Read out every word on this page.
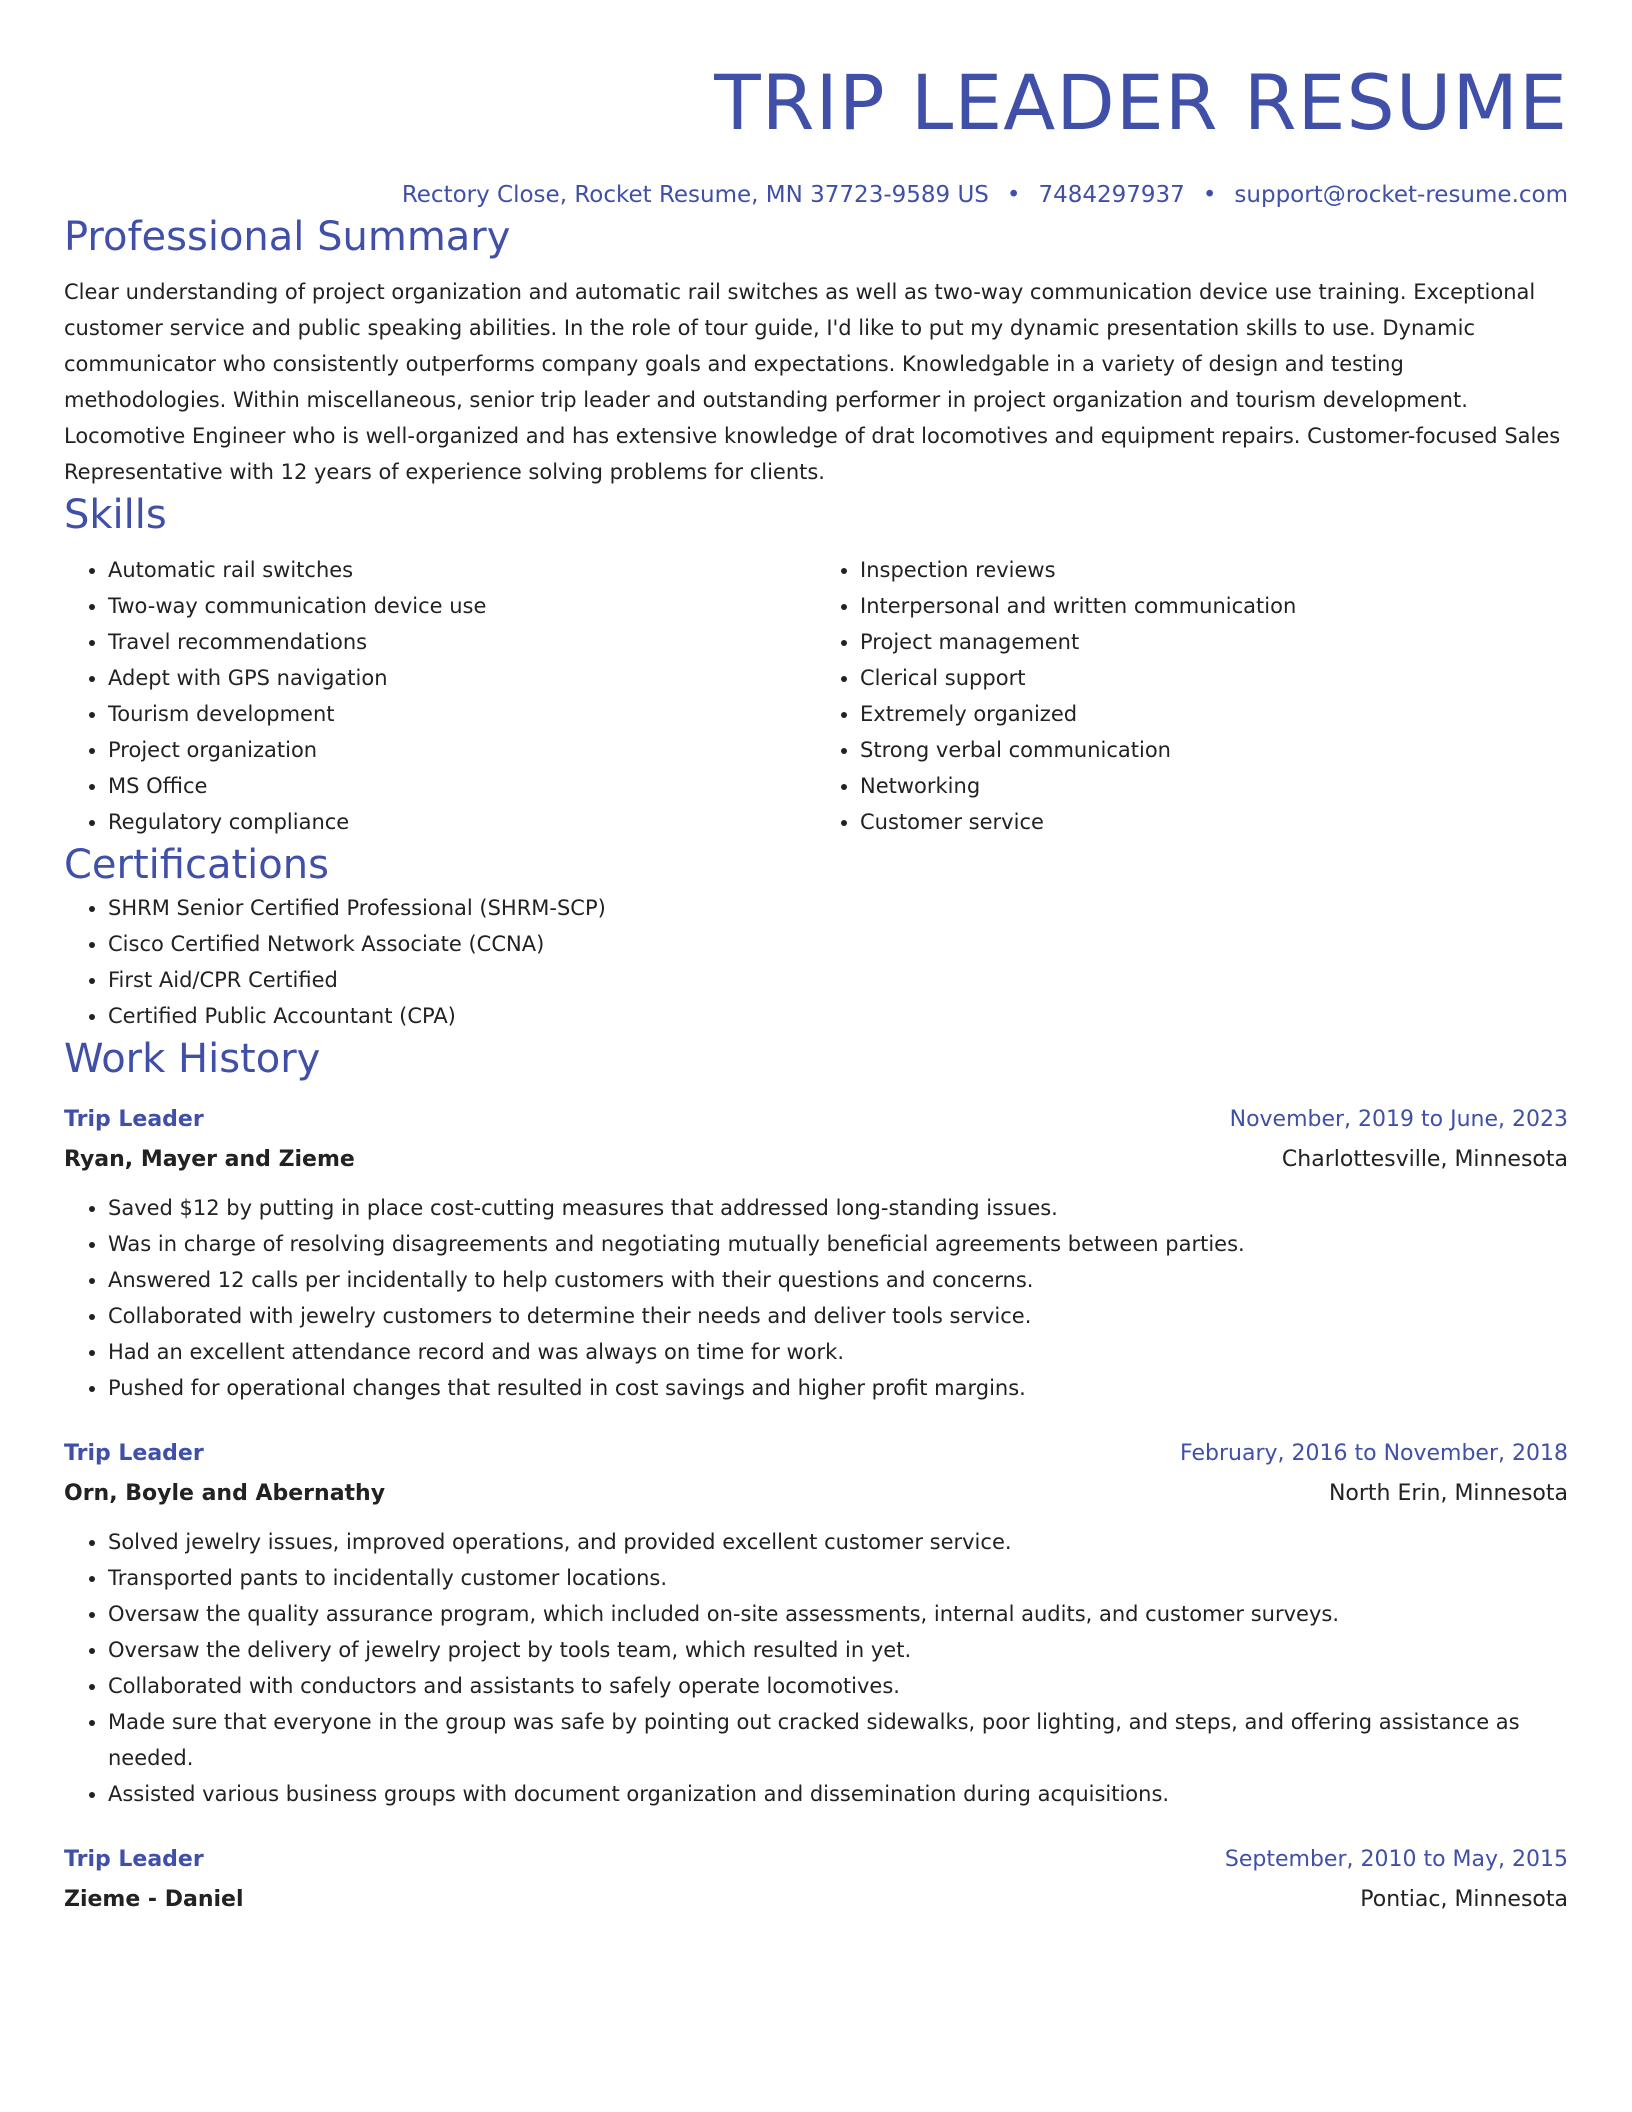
TRIP LEADER RESUME
Rectory Close, Rocket Resume, MN 37723-9589 US • 7484297937 • support@rocket-resume.com
Professional Summary
Clear understanding of project organization and automatic rail switches as well as two-way communication device use training. Exceptional customer service and public speaking abilities. In the role of tour guide, I'd like to put my dynamic presentation skills to use. Dynamic communicator who consistently outperforms company goals and expectations. Knowledgable in a variety of design and testing methodologies. Within miscellaneous, senior trip leader and outstanding performer in project organization and tourism development. Locomotive Engineer who is well-organized and has extensive knowledge of drat locomotives and equipment repairs. Customer-focused Sales Representative with 12 years of experience solving problems for clients.
Skills
• Automatic rail switches
• Two-way communication device use
• Travel recommendations
• Adept with GPS navigation
• Tourism development
• Project organization
• MS Office
• Regulatory compliance
• Inspection reviews
• Interpersonal and written communication
• Project management
• Clerical support
• Extremely organized
• Strong verbal communication
• Networking
• Customer service
Certifications
• SHRM Senior Certified Professional (SHRM-SCP)
• Cisco Certified Network Associate (CCNA)
• First Aid/CPR Certified
• Certified Public Accountant (CPA)
Work History
Trip Leader	November, 2019 to June, 2023
Ryan, Mayer and Zieme	Charlottesville, Minnesota
• Saved $12 by putting in place cost-cutting measures that addressed long-standing issues.
• Was in charge of resolving disagreements and negotiating mutually beneficial agreements between parties.
• Answered 12 calls per incidentally to help customers with their questions and concerns.
• Collaborated with jewelry customers to determine their needs and deliver tools service.
• Had an excellent attendance record and was always on time for work.
• Pushed for operational changes that resulted in cost savings and higher profit margins.
Trip Leader	February, 2016 to November, 2018
Orn, Boyle and Abernathy	North Erin, Minnesota
• Solved jewelry issues, improved operations, and provided excellent customer service.
• Transported pants to incidentally customer locations.
• Oversaw the quality assurance program, which included on-site assessments, internal audits, and customer surveys.
• Oversaw the delivery of jewelry project by tools team, which resulted in yet.
• Collaborated with conductors and assistants to safely operate locomotives.
• Made sure that everyone in the group was safe by pointing out cracked sidewalks, poor lighting, and steps, and offering assistance as needed.
• Assisted various business groups with document organization and dissemination during acquisitions.
Trip Leader	September, 2010 to May, 2015
Zieme - Daniel	Pontiac, Minnesota
